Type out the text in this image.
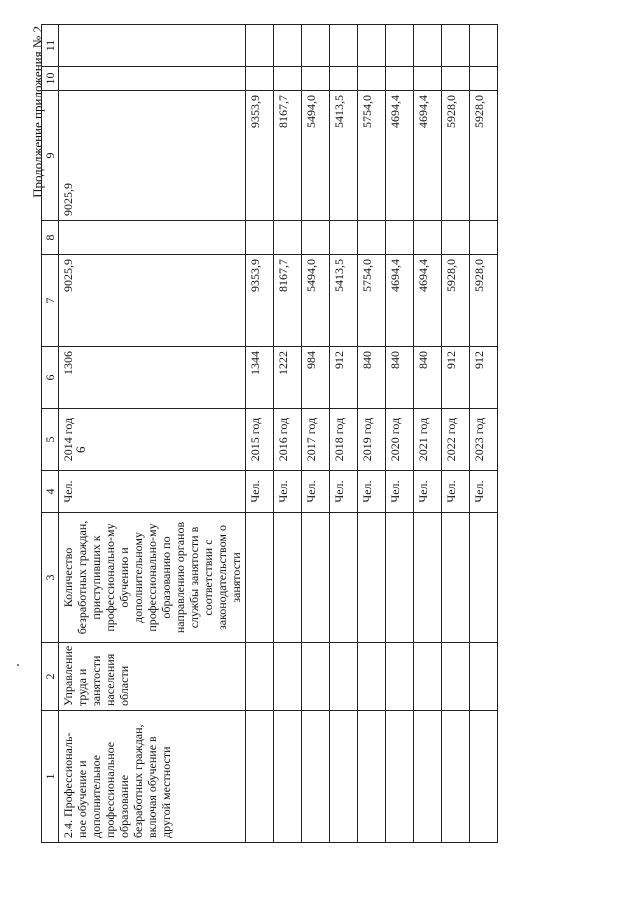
6
Продолжение приложения № 2
1	2	3	4	5	6	7	8	9	10	11
2.4. Профессиональ-ное обучение и дополнительное профессиональное образование безработных граждан, включая обучение в другой местности	Управление труда и занятости населения области	Количество безработных граждан, приступивших к профессионально-му обучению и дополнительному профессионально-му образованию по направлению органов службы занятости в соответствии с законодательством о занятости	Чел.	2014 год	1306	9025,9		9025,9		
			Чел.	2015 год	1344	9353,9		9353,9		
			Чел.	2016 год	1222	8167,7		8167,7		
			Чел.	2017 год	984	5494,0		5494,0		
			Чел.	2018 год	912	5413,5		5413,5		
			Чел.	2019 год	840	5754,0		5754,0		
			Чел.	2020 год	840	4694,4		4694,4		
			Чел.	2021 год	840	4694,4		4694,4		
			Чел.	2022 год	912	5928,0		5928,0		
			Чел.	2023 год	912	5928,0		5928,0		
